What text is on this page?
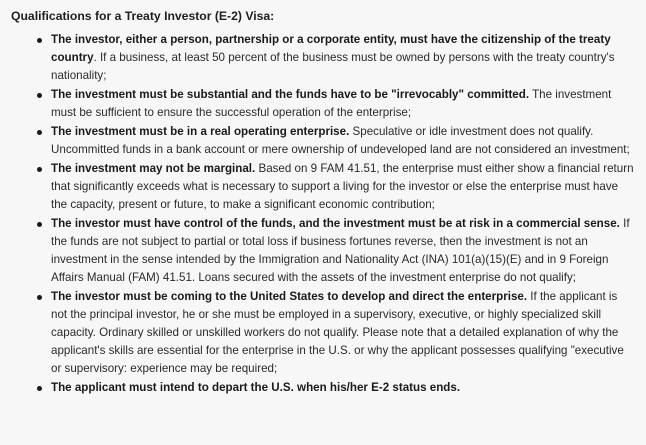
Qualifications for a Treaty Investor (E-2) Visa:
The investor, either a person, partnership or a corporate entity, must have the citizenship of the treaty country. If a business, at least 50 percent of the business must be owned by persons with the treaty country's nationality;
The investment must be substantial and the funds have to be "irrevocably" committed. The investment must be sufficient to ensure the successful operation of the enterprise;
The investment must be in a real operating enterprise. Speculative or idle investment does not qualify. Uncommitted funds in a bank account or mere ownership of undeveloped land are not considered an investment;
The investment may not be marginal. Based on 9 FAM 41.51, the enterprise must either show a financial return that significantly exceeds what is necessary to support a living for the investor or else the enterprise must have the capacity, present or future, to make a significant economic contribution;
The investor must have control of the funds, and the investment must be at risk in a commercial sense. If the funds are not subject to partial or total loss if business fortunes reverse, then the investment is not an investment in the sense intended by the Immigration and Nationality Act (INA) 101(a)(15)(E) and in 9 Foreign Affairs Manual (FAM) 41.51. Loans secured with the assets of the investment enterprise do not qualify;
The investor must be coming to the United States to develop and direct the enterprise. If the applicant is not the principal investor, he or she must be employed in a supervisory, executive, or highly specialized skill capacity. Ordinary skilled or unskilled workers do not qualify. Please note that a detailed explanation of why the applicant's skills are essential for the enterprise in the U.S. or why the applicant possesses qualifying "executive or supervisory: experience may be required;
The applicant must intend to depart the U.S. when his/her E-2 status ends.
